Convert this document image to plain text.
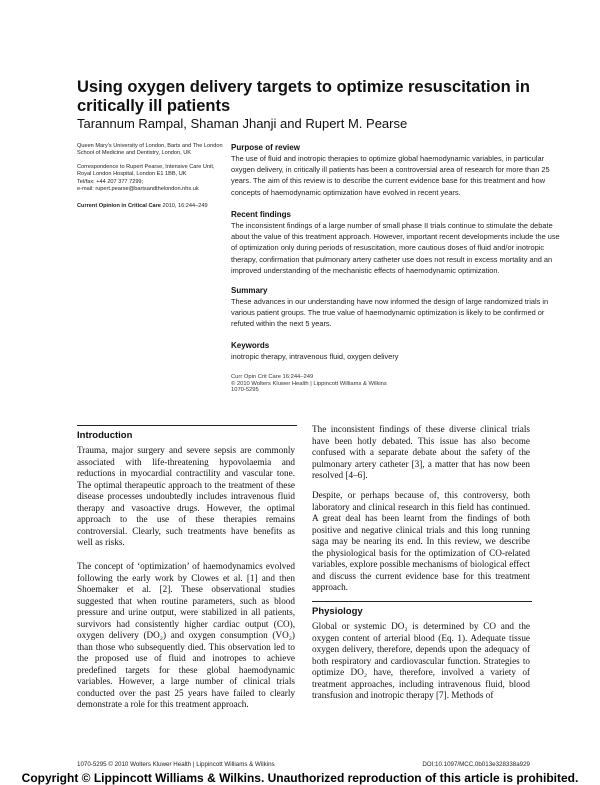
Using oxygen delivery targets to optimize resuscitation in critically ill patients

Tarannum Rampal, Shaman Jhanji and Rupert M. Pearse

Queen Mary's University of London, Barts and The London School of Medicine and Dentistry, London, UK

Correspondence to Rupert Pearse, Intensive Care Unit, Royal London Hospital, London E1 1BB, UK
Tel/fax: +44 207 377 7299;
e-mail: rupert.pearse@bartsandthelondon.nhs.uk

Current Opinion in Critical Care 2010, 16:244–249

Purpose of review

The use of fluid and inotropic therapies to optimize global haemodynamic variables, in particular oxygen delivery, in critically ill patients has been a controversial area of research for more than 25 years. The aim of this review is to describe the current evidence base for this treatment and how concepts of haemodynamic optimization have evolved in recent years.

Recent findings

The inconsistent findings of a large number of small phase II trials continue to stimulate the debate about the value of this treatment approach. However, important recent developments include the use of optimization only during periods of resuscitation, more cautious doses of fluid and/or inotropic therapy, confirmation that pulmonary artery catheter use does not result in excess mortality and an improved understanding of the mechanistic effects of haemodynamic optimization.

Summary

These advances in our understanding have now informed the design of large randomized trials in various patient groups. The true value of haemodynamic optimization is likely to be confirmed or refuted within the next 5 years.

Keywords

inotropic therapy, intravenous fluid, oxygen delivery

Curr Opin Crit Care 16:244–249
© 2010 Wolters Kluwer Health | Lippincott Williams & Wilkins
1070-5295
Introduction

Trauma, major surgery and severe sepsis are commonly associated with life-threatening hypovolaemia and reductions in myocardial contractility and vascular tone. The optimal therapeutic approach to the treatment of these disease processes undoubtedly includes intravenous fluid therapy and vasoactive drugs. However, the optimal approach to the use of these therapies remains controversial. Clearly, such treatments have benefits as well as risks.

The concept of ‘optimization’ of haemodynamics evolved following the early work by Clowes et al. [1] and then Shoemaker et al. [2]. These observational studies suggested that when routine parameters, such as blood pressure and urine output, were stabilized in all patients, survivors had consistently higher cardiac output (CO), oxygen delivery (DO₂) and oxygen consumption (VO₂) than those who subsequently died. This observation led to the proposed use of fluid and inotropes to achieve predefined targets for these global haemodynamic variables. However, a large number of clinical trials conducted over the past 25 years have failed to clearly demonstrate a role for this treatment approach.

The inconsistent findings of these diverse clinical trials have been hotly debated. This issue has also become confused with a separate debate about the safety of the pulmonary artery catheter [3], a matter that has now been resolved [4–6].

Despite, or perhaps because of, this controversy, both laboratory and clinical research in this field has continued. A great deal has been learnt from the findings of both positive and negative clinical trials and this long running saga may be nearing its end. In this review, we describe the physiological basis for the optimization of CO-related variables, explore possible mechanisms of biological effect and discuss the current evidence base for this treatment approach.

Physiology

Global or systemic DO₂ is determined by CO and the oxygen content of arterial blood (Eq. 1). Adequate tissue oxygen delivery, therefore, depends upon the adequacy of both respiratory and cardiovascular function. Strategies to optimize DO₂ have, therefore, involved a variety of treatment approaches, including intravenous fluid, blood transfusion and inotropic therapy [7]. Methods of

1070-5295 © 2010 Wolters Kluwer Health | Lippincott Williams & Wilkins	DOI:10.1097/MCC.0b013e328338a929
Copyright © Lippincott Williams & Wilkins. Unauthorized reproduction of this article is prohibited.
